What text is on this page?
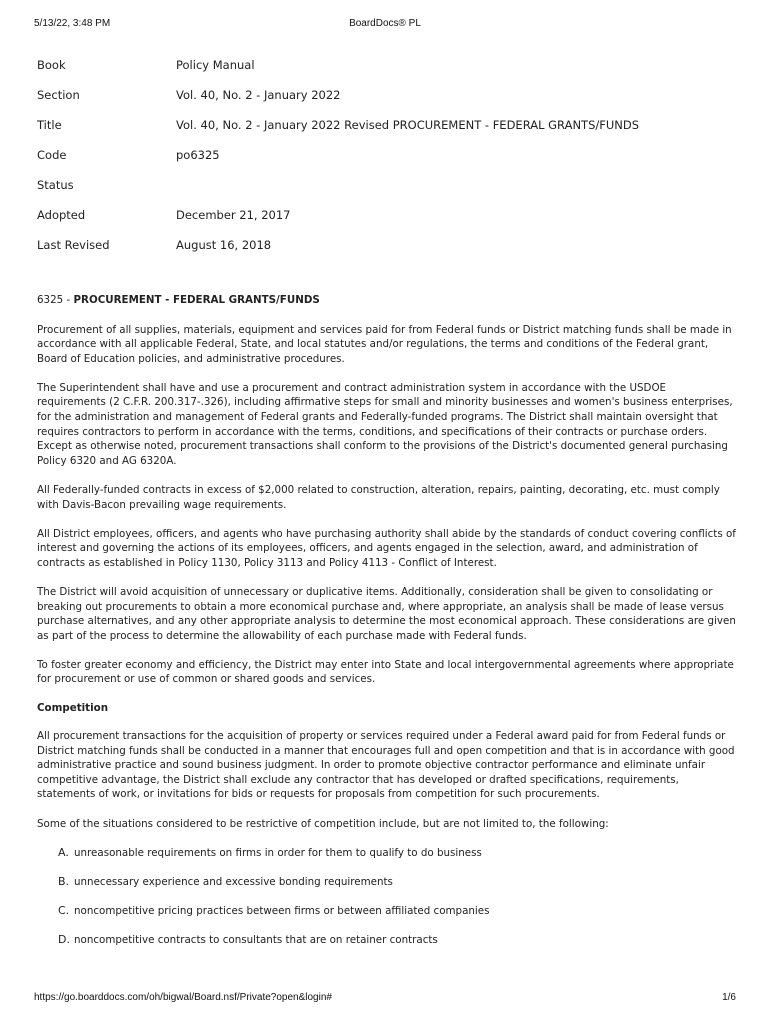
5/13/22, 3:48 PM	BoardDocs® PL
Book	Policy Manual
Section	Vol. 40, No. 2 - January 2022
Title	Vol. 40, No. 2 - January 2022 Revised PROCUREMENT - FEDERAL GRANTS/FUNDS
Code	po6325
Status
Adopted	December 21, 2017
Last Revised	August 16, 2018

6325 - PROCUREMENT - FEDERAL GRANTS/FUNDS

Procurement of all supplies, materials, equipment and services paid for from Federal funds or District matching funds shall be made in accordance with all applicable Federal, State, and local statutes and/or regulations, the terms and conditions of the Federal grant, Board of Education policies, and administrative procedures.

The Superintendent shall have and use a procurement and contract administration system in accordance with the USDOE requirements (2 C.F.R. 200.317-.326), including affirmative steps for small and minority businesses and women's business enterprises, for the administration and management of Federal grants and Federally-funded programs. The District shall maintain oversight that requires contractors to perform in accordance with the terms, conditions, and specifications of their contracts or purchase orders. Except as otherwise noted, procurement transactions shall conform to the provisions of the District's documented general purchasing Policy 6320 and AG 6320A.

All Federally-funded contracts in excess of $2,000 related to construction, alteration, repairs, painting, decorating, etc. must comply with Davis-Bacon prevailing wage requirements.

All District employees, officers, and agents who have purchasing authority shall abide by the standards of conduct covering conflicts of interest and governing the actions of its employees, officers, and agents engaged in the selection, award, and administration of contracts as established in Policy 1130, Policy 3113 and Policy 4113 - Conflict of Interest.

The District will avoid acquisition of unnecessary or duplicative items. Additionally, consideration shall be given to consolidating or breaking out procurements to obtain a more economical purchase and, where appropriate, an analysis shall be made of lease versus purchase alternatives, and any other appropriate analysis to determine the most economical approach. These considerations are given as part of the process to determine the allowability of each purchase made with Federal funds.

To foster greater economy and efficiency, the District may enter into State and local intergovernmental agreements where appropriate for procurement or use of common or shared goods and services.

Competition

All procurement transactions for the acquisition of property or services required under a Federal award paid for from Federal funds or District matching funds shall be conducted in a manner that encourages full and open competition and that is in accordance with good administrative practice and sound business judgment. In order to promote objective contractor performance and eliminate unfair competitive advantage, the District shall exclude any contractor that has developed or drafted specifications, requirements, statements of work, or invitations for bids or requests for proposals from competition for such procurements.

Some of the situations considered to be restrictive of competition include, but are not limited to, the following:

A. unreasonable requirements on firms in order for them to qualify to do business
B. unnecessary experience and excessive bonding requirements
C. noncompetitive pricing practices between firms or between affiliated companies
D. noncompetitive contracts to consultants that are on retainer contracts
https://go.boarddocs.com/oh/bigwal/Board.nsf/Private?open&login#	1/6
